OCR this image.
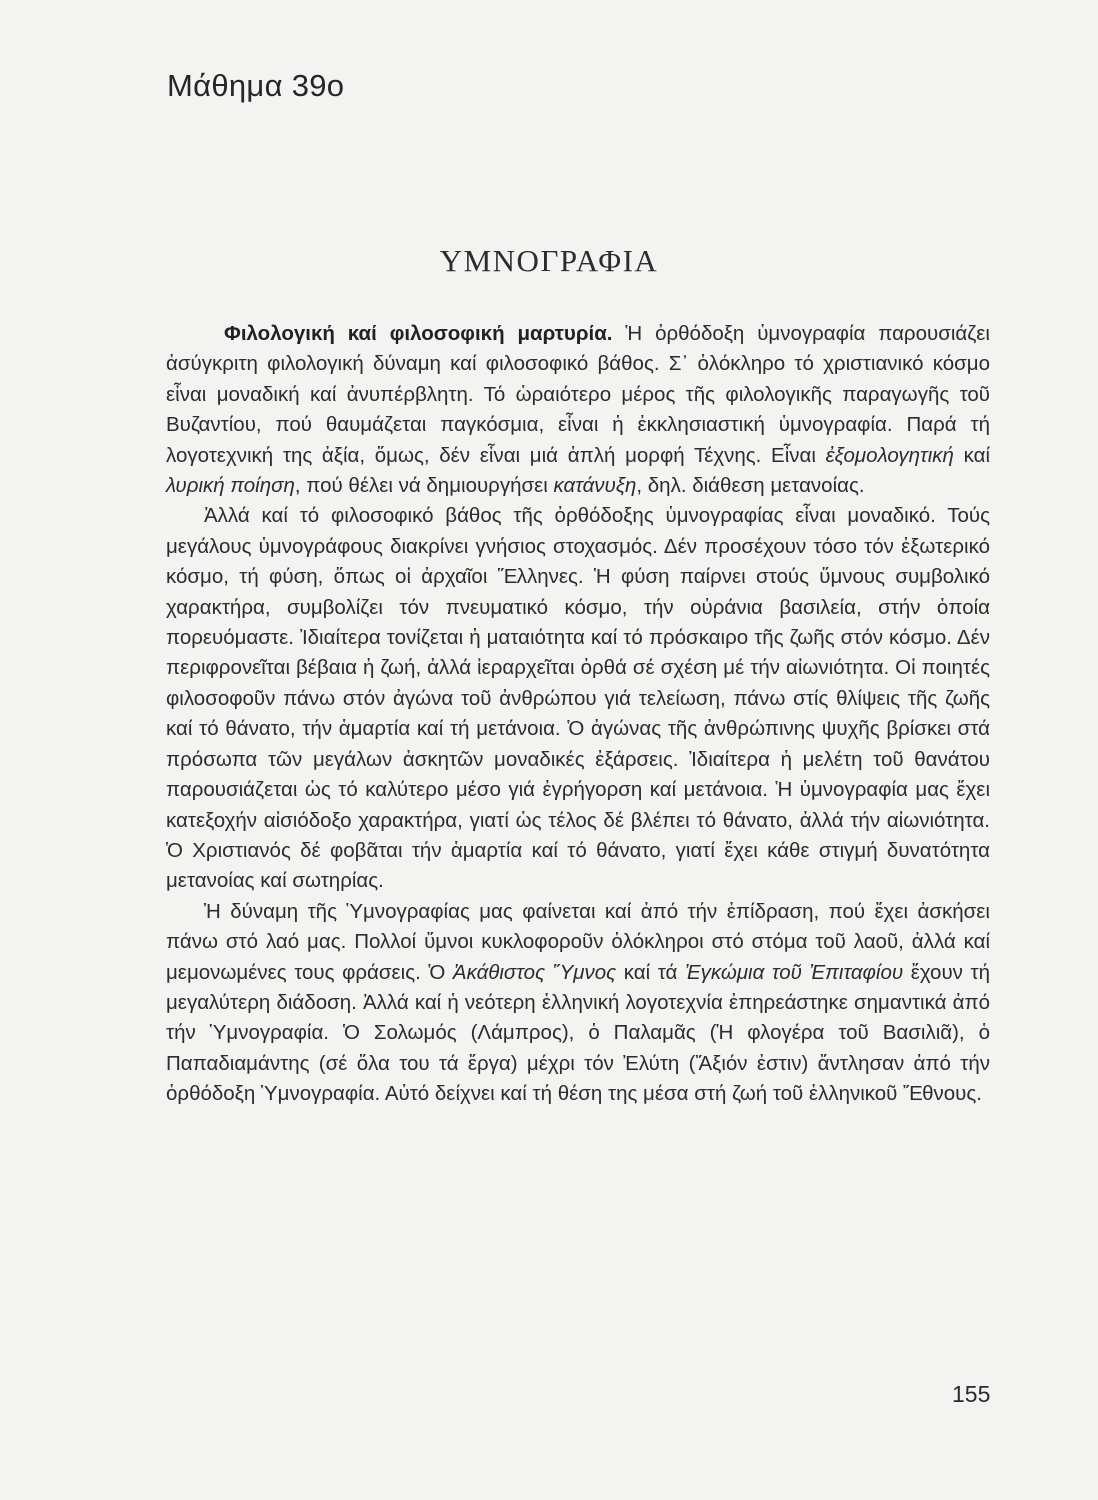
Μάθημα 39ο
ΥΜΝΟΓΡΑΦΙΑ

Φιλολογική καί φιλοσοφική μαρτυρία. Ἡ ὀρθόδοξη ὑμνογραφία παρουσιάζει ἀσύγκριτη φιλολογική δύναμη καί φιλοσοφικό βάθος. Σ᾽ ὁλόκληρο τό χριστιανικό κόσμο εἶναι μοναδική καί ἀνυπέρβλητη. Τό ὡραιότερο μέρος τῆς φιλολογικῆς παραγωγῆς τοῦ Βυζαντίου, πού θαυμάζεται παγκόσμια, εἶναι ἡ ἐκκλησιαστική ὑμνογραφία. Παρά τή λογοτεχνική της ἀξία, ὅμως, δέν εἶναι μιά ἁπλή μορφή Τέχνης. Εἶναι ἐξομολογητική καί λυρική ποίηση, πού θέλει νά δημιουργήσει κατάνυξη, δηλ. διάθεση μετανοίας.

Ἀλλά καί τό φιλοσοφικό βάθος τῆς ὀρθόδοξης ὑμνογραφίας εἶναι μοναδικό. Τούς μεγάλους ὑμνογράφους διακρίνει γνήσιος στοχασμός. Δέν προσέχουν τόσο τόν ἐξωτερικό κόσμο, τή φύση, ὅπως οἱ ἀρχαῖοι Ἕλληνες. Ἡ φύση παίρνει στούς ὕμνους συμβολικό χαρακτήρα, συμβολίζει τόν πνευματικό κόσμο, τήν οὐράνια βασιλεία, στήν ὁποία πορευόμαστε. Ἰδιαίτερα τονίζεται ἡ ματαιότητα καί τό πρόσκαιρο τῆς ζωῆς στόν κόσμο. Δέν περιφρονεῖται βέβαια ἡ ζωή, ἀλλά ἱεραρχεῖται ὀρθά σέ σχέση μέ τήν αἰωνιότητα. Οἱ ποιητές φιλοσοφοῦν πάνω στόν ἀγώνα τοῦ ἀνθρώπου γιά τελείωση, πάνω στίς θλίψεις τῆς ζωῆς καί τό θάνατο, τήν ἁμαρτία καί τή μετάνοια. Ὁ ἀγώνας τῆς ἀνθρώπινης ψυχῆς βρίσκει στά πρόσωπα τῶν μεγάλων ἀσκητῶν μοναδικές ἐξάρσεις. Ἰδιαίτερα ἡ μελέτη τοῦ θανάτου παρουσιάζεται ὡς τό καλύτερο μέσο γιά ἐγρήγορση καί μετάνοια. Ἡ ὑμνογραφία μας ἔχει κατεξοχήν αἰσιόδοξο χαρακτήρα, γιατί ὡς τέλος δέ βλέπει τό θάνατο, ἀλλά τήν αἰωνιότητα. Ὁ Χριστιανός δέ φοβᾶται τήν ἁμαρτία καί τό θάνατο, γιατί ἔχει κάθε στιγμή δυνατότητα μετανοίας καί σωτηρίας.

Ἡ δύναμη τῆς Ὑμνογραφίας μας φαίνεται καί ἀπό τήν ἐπίδραση, πού ἔχει ἀσκήσει πάνω στό λαό μας. Πολλοί ὕμνοι κυκλοφοροῦν ὁλόκληροι στό στόμα τοῦ λαοῦ, ἀλλά καί μεμονωμένες τους φράσεις. Ὁ Ἀκάθιστος Ὕμνος καί τά Ἐγκώμια τοῦ Ἐπιταφίου ἔχουν τή μεγαλύτερη διάδοση. Ἀλλά καί ἡ νεότερη ἑλληνική λογοτεχνία ἐπηρεάστηκε σημαντικά ἀπό τήν Ὑμνογραφία. Ὁ Σολωμός (Λάμπρος), ὁ Παλαμᾶς (Ἡ φλογέρα τοῦ Βασιλιᾶ), ὁ Παπαδιαμάντης (σέ ὅλα του τά ἔργα) μέχρι τόν Ἐλύτη (Ἄξιόν ἐστιν) ἄντλησαν ἀπό τήν ὀρθόδοξη Ὑμνογραφία. Αὐτό δείχνει καί τή θέση της μέσα στή ζωή τοῦ ἑλληνικοῦ Ἔθνους.

155
